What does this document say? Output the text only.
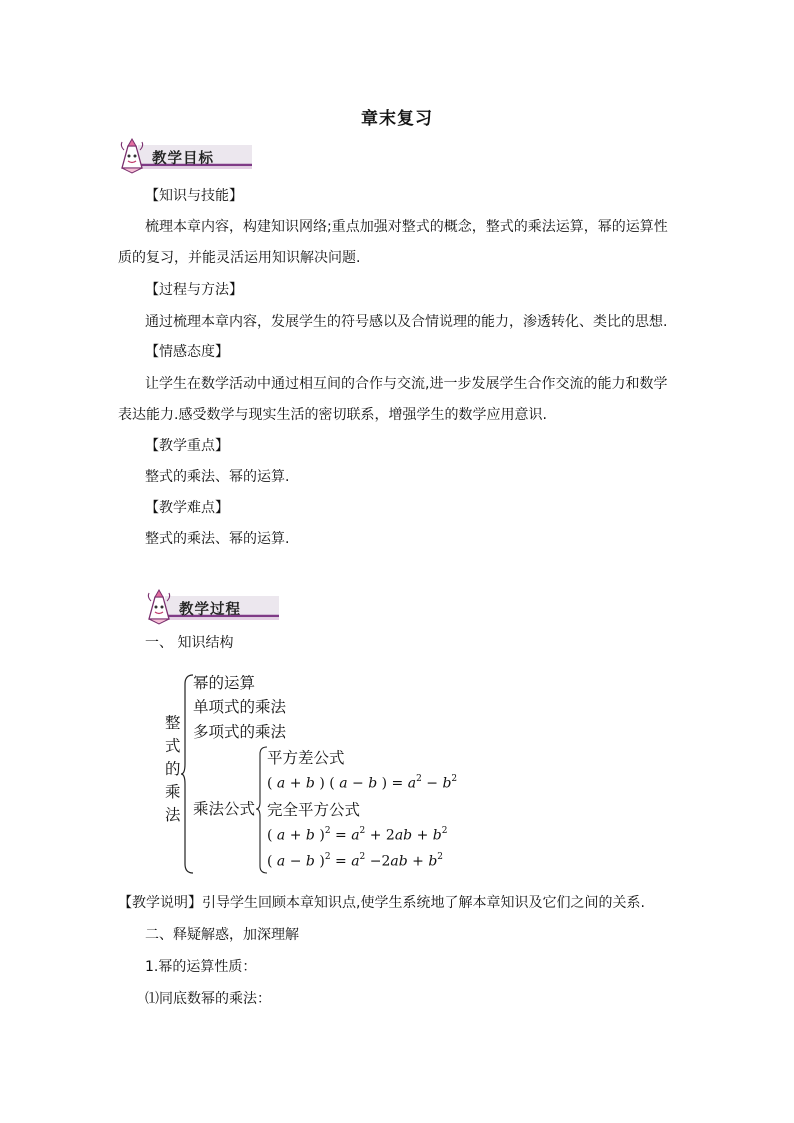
章末复习
教学目标
【知识与技能】
梳理本章内容，构建知识网络;重点加强对整式的概念，整式的乘法运算，幂的运算性
质的复习，并能灵活运用知识解决问题.
【过程与方法】
通过梳理本章内容，发展学生的符号感以及合情说理的能力，渗透转化、类比的思想.
【情感态度】
让学生在数学活动中通过相互间的合作与交流,进一步发展学生合作交流的能力和数学
表达能力.感受数学与现实生活的密切联系，增强学生的数学应用意识.
【教学重点】
整式的乘法、幂的运算.
【教学难点】
整式的乘法、幂的运算.
教学过程
一、 知识结构
整
式
的
乘
法
幂的运算
单项式的乘法
多项式的乘法
乘法公式
平方差公式
( a + b ) ( a − b ) = $a^2 - b^2$
完全平方公式
( a + b )$^2 = a^2 + 2ab + b^2$
( a − b )$^2 = a^2 -2ab + b^2$
【教学说明】引导学生回顾本章知识点,使学生系统地了解本章知识及它们之间的关系.
二、释疑解惑，加深理解
1.幂的运算性质：
⑴同底数幂的乘法：
